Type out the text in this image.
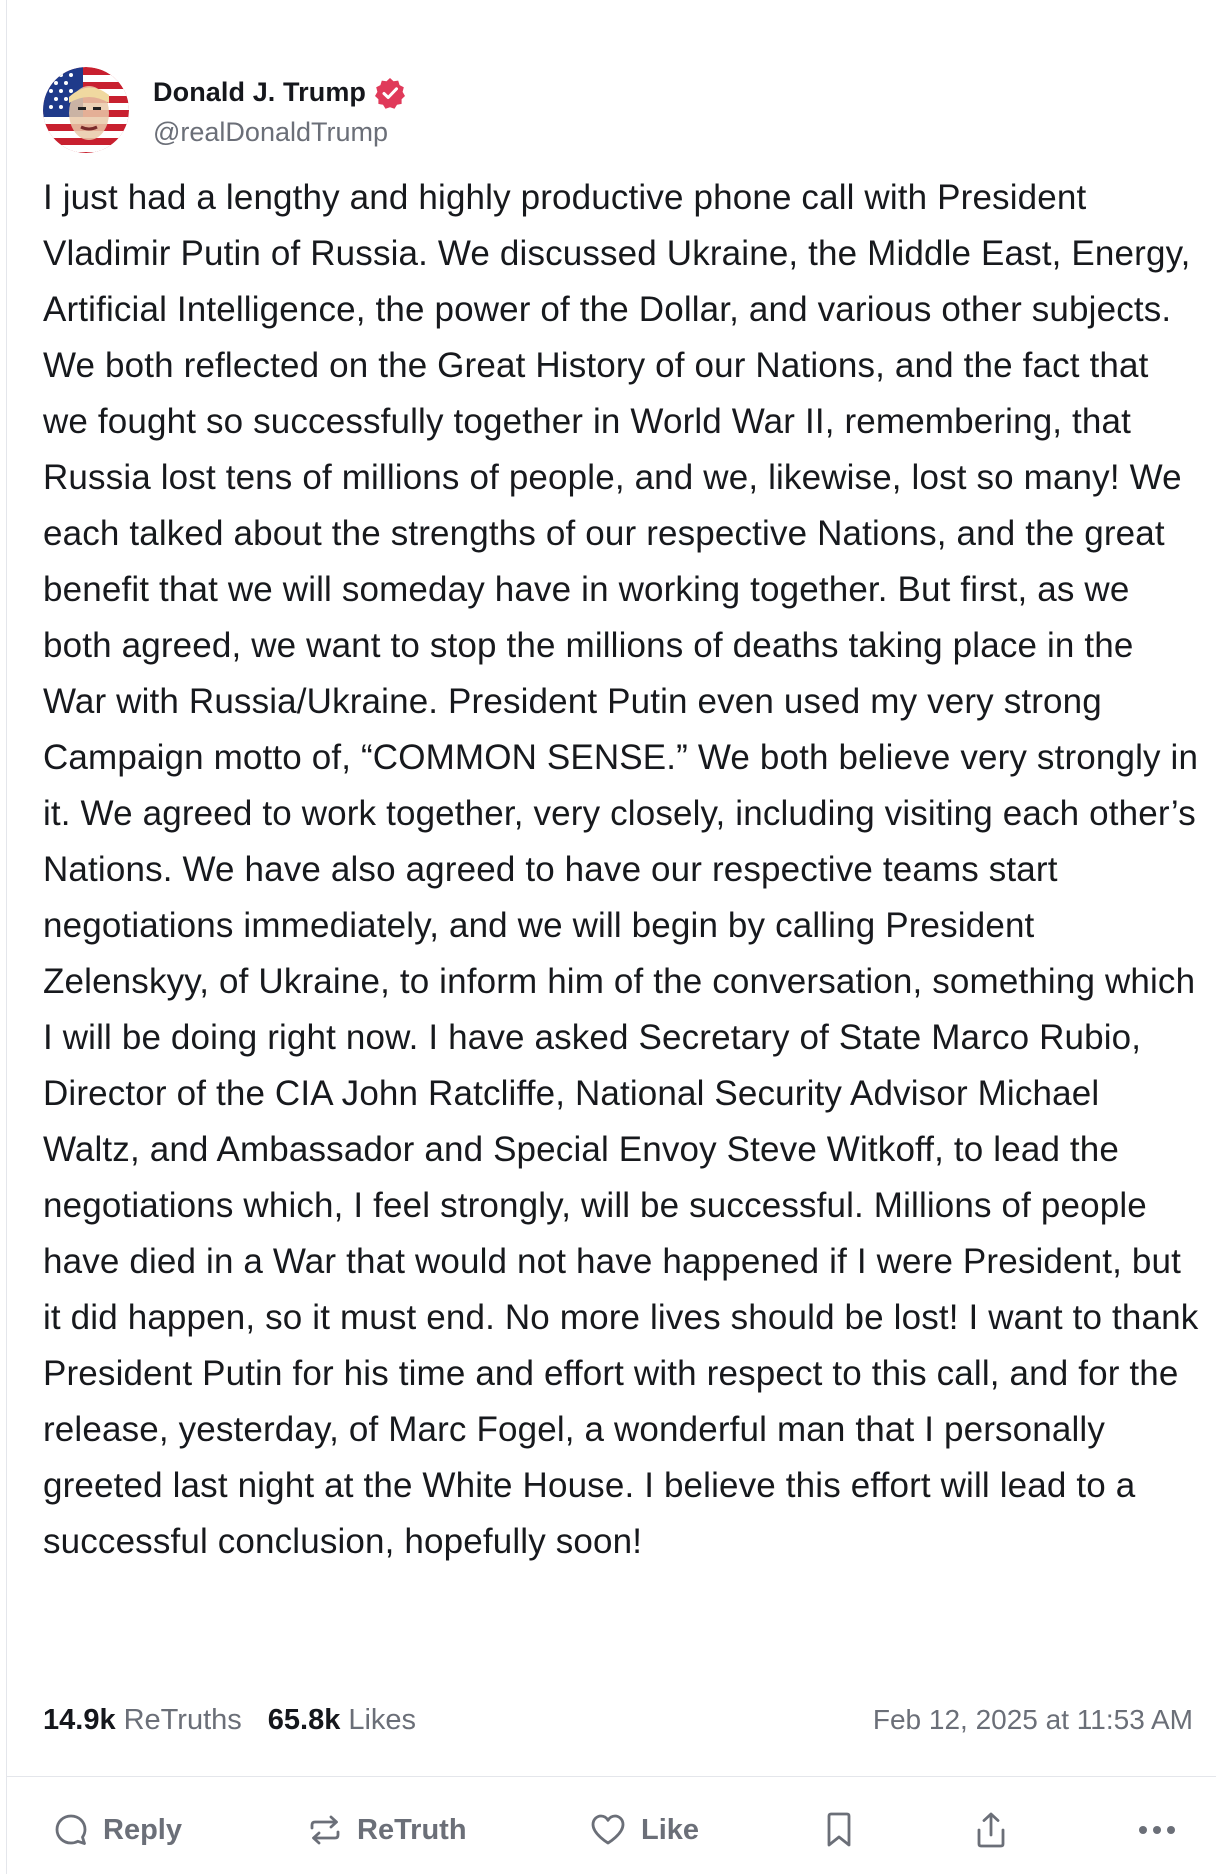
Donald J. Trump
@realDonaldTrump
I just had a lengthy and highly productive phone call with President Vladimir Putin of Russia. We discussed Ukraine, the Middle East, Energy, Artificial Intelligence, the power of the Dollar, and various other subjects. We both reflected on the Great History of our Nations, and the fact that we fought so successfully together in World War II, remembering, that Russia lost tens of millions of people, and we, likewise, lost so many! We each talked about the strengths of our respective Nations, and the great benefit that we will someday have in working together. But first, as we both agreed, we want to stop the millions of deaths taking place in the War with Russia/Ukraine. President Putin even used my very strong Campaign motto of, “COMMON SENSE.” We both believe very strongly in it. We agreed to work together, very closely, including visiting each other’s Nations. We have also agreed to have our respective teams start negotiations immediately, and we will begin by calling President Zelenskyy, of Ukraine, to inform him of the conversation, something which I will be doing right now. I have asked Secretary of State Marco Rubio, Director of the CIA John Ratcliffe, National Security Advisor Michael Waltz, and Ambassador and Special Envoy Steve Witkoff, to lead the negotiations which, I feel strongly, will be successful. Millions of people have died in a War that would not have happened if I were President, but it did happen, so it must end. No more lives should be lost! I want to thank President Putin for his time and effort with respect to this call, and for the release, yesterday, of Marc Fogel, a wonderful man that I personally greeted last night at the White House. I believe this effort will lead to a successful conclusion, hopefully soon!
14.9k ReTruths 65.8k Likes	Feb 12, 2025 at 11:53 AM
Reply	ReTruth	Like
